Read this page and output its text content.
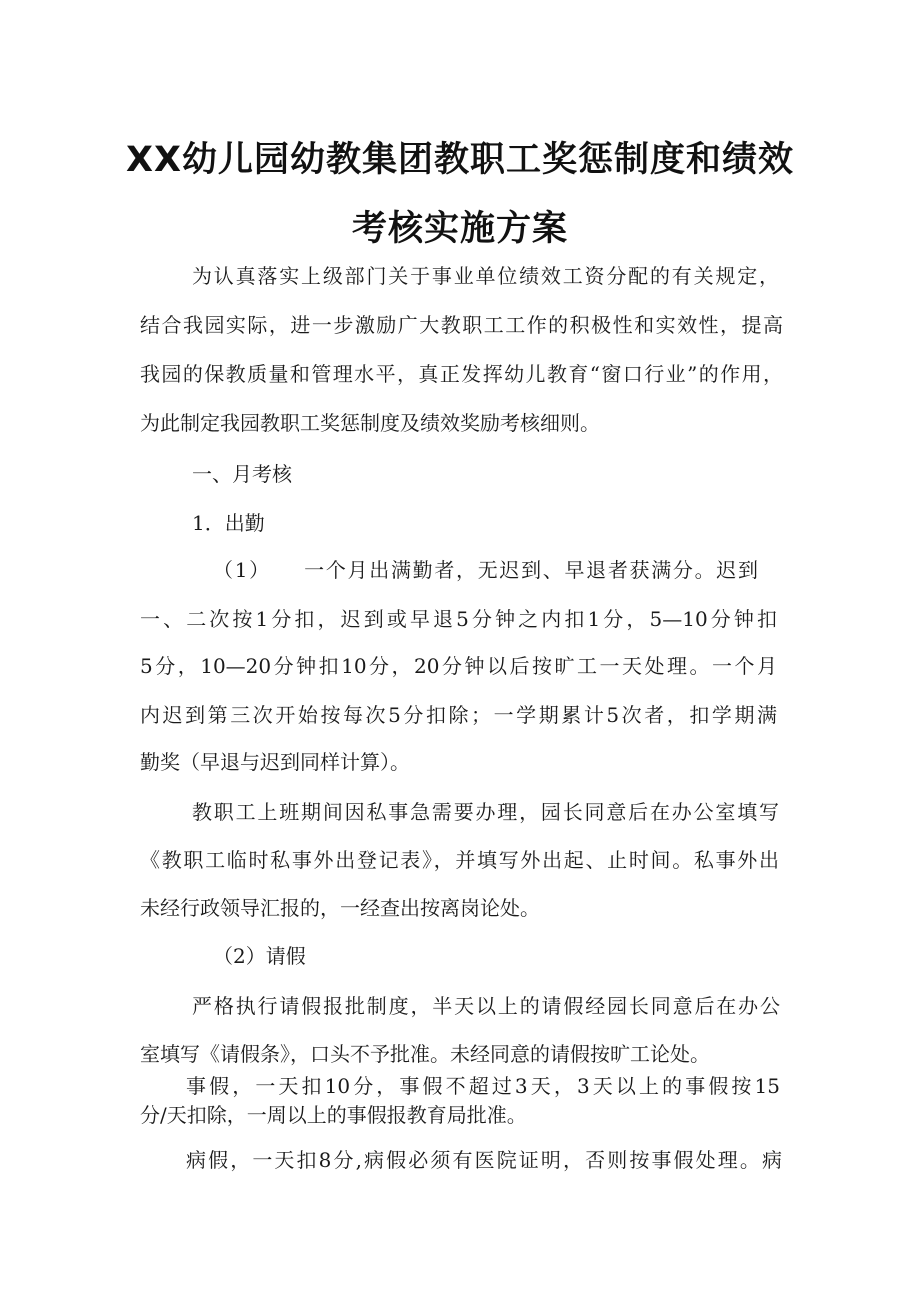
XX幼儿园幼教集团教职工奖惩制度和绩效
考核实施方案
为认真落实上级部门关于事业单位绩效工资分配的有关规定，
结合我园实际，进一步激励广大教职工工作的积极性和实效性，提高
我园的保教质量和管理水平，真正发挥幼儿教育“窗口行业”的作用，
为此制定我园教职工奖惩制度及绩效奖励考核细则。
一、月考核
1．出勤
（1）　　一个月出满勤者，无迟到、早退者获满分。迟到
一、二次按1分扣，迟到或早退5分钟之内扣1分，5—10分钟扣
5分，10—20分钟扣10分，20分钟以后按旷工一天处理。一个月
内迟到第三次开始按每次5分扣除；一学期累计5次者，扣学期满
勤奖（早退与迟到同样计算）。
教职工上班期间因私事急需要办理，园长同意后在办公室填写
《教职工临时私事外出登记表》，并填写外出起、止时间。私事外出
未经行政领导汇报的，一经查出按离岗论处。
（2）请假
严格执行请假报批制度，半天以上的请假经园长同意后在办公
室填写《请假条》，口头不予批准。未经同意的请假按旷工论处。
事假，一天扣10分，事假不超过3天，3天以上的事假按15
分/天扣除，一周以上的事假报教育局批准。
病假，一天扣8分,病假必须有医院证明，否则按事假处理。病
